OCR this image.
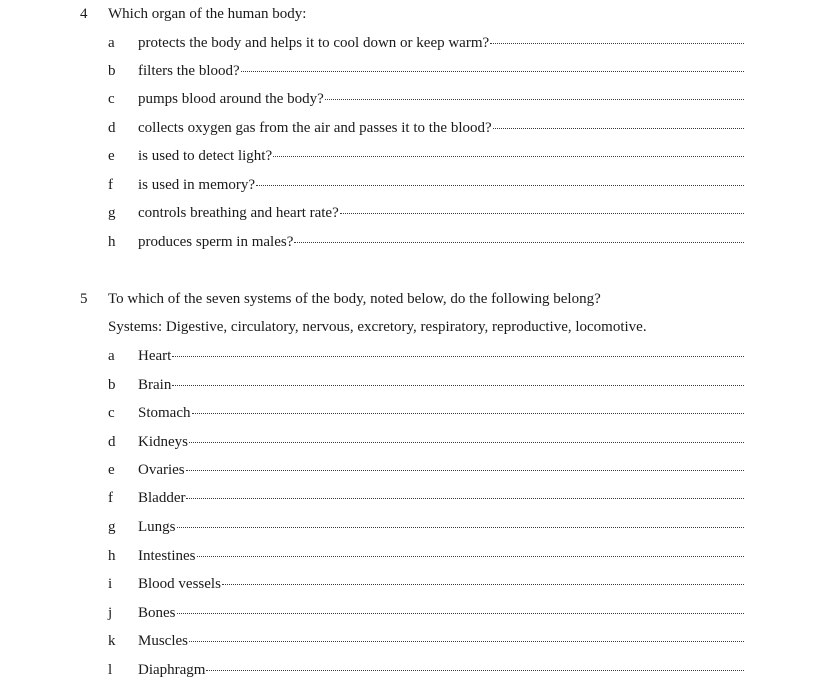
4 Which organ of the human body:
a protects the body and helps it to cool down or keep warm?
b filters the blood?
c pumps blood around the body?
d collects oxygen gas from the air and passes it to the blood?
e is used to detect light?
f is used in memory?
g controls breathing and heart rate?
h produces sperm in males?
5 To which of the seven systems of the body, noted below, do the following belong?
Systems: Digestive, circulatory, nervous, excretory, respiratory, reproductive, locomotive.
a Heart
b Brain
c Stomach
d Kidneys
e Ovaries
f Bladder
g Lungs
h Intestines
i Blood vessels
j Bones
k Muscles
l Diaphragm
